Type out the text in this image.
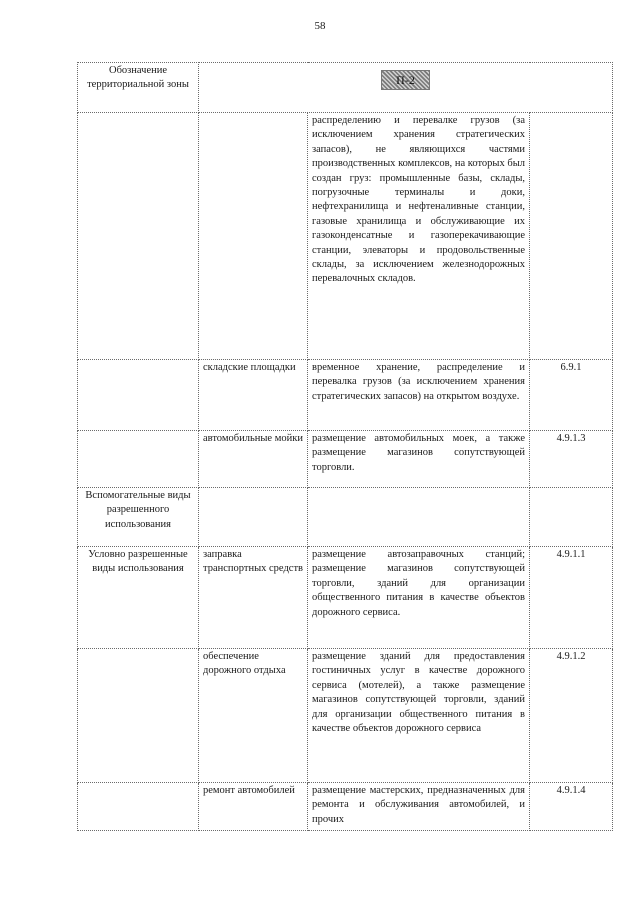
58
Обозначение территориальной зоны	П-2		
		распределению и перевалке грузов (за исключением хранения стратегических запасов), не являющихся частями производственных комплексов, на которых был создан груз: промышленные базы, склады, погрузочные терминалы и доки, нефтехранилища и нефтеналивные станции, газовые хранилища и обслуживающие их газоконденсатные и газоперекачивающие станции, элеваторы и продовольственные склады, за исключением железнодорожных перевалочных складов.	
	складские площадки	временное хранение, распределение и перевалка грузов (за исключением хранения стратегических запасов) на открытом воздухе.	6.9.1
	автомобильные мойки	размещение автомобильных моек, а также размещение магазинов сопутствующей торговли.	4.9.1.3
Вспомогательные виды разрешенного использования			
Условно разрешенные виды использования	заправка транспортных средств	размещение автозаправочных станций; размещение магазинов сопутствующей торговли, зданий для организации общественного питания в качестве объектов дорожного сервиса.	4.9.1.1
	обеспечение дорожного отдыха	размещение зданий для предоставления гостиничных услуг в качестве дорожного сервиса (мотелей), а также размещение магазинов сопутствующей торговли, зданий для организации общественного питания в качестве объектов дорожного сервиса	4.9.1.2
	ремонт автомобилей	размещение мастерских, предназначенных для ремонта и обслуживания автомобилей, и прочих	4.9.1.4
